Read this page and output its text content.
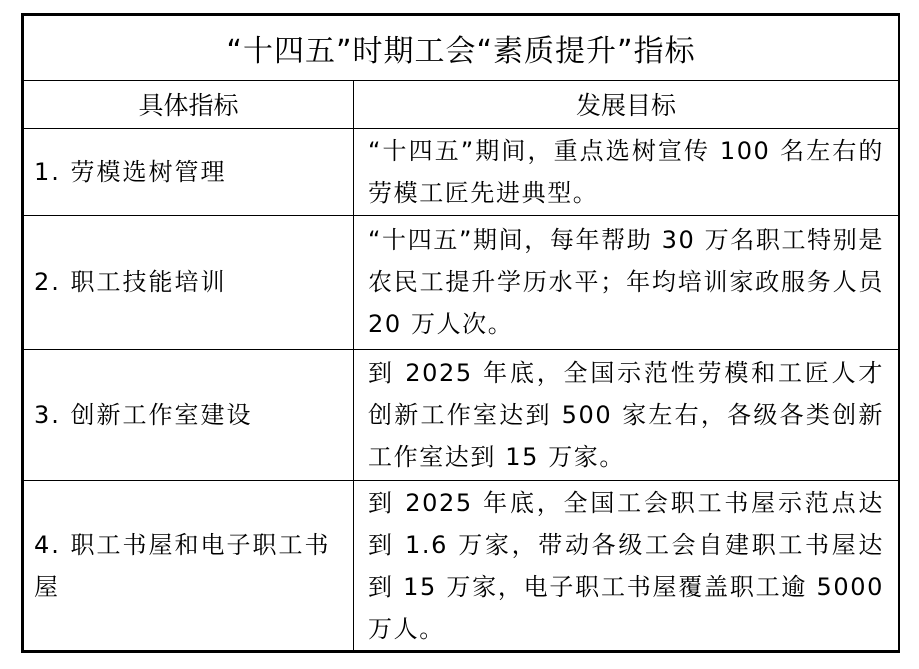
“十四五”时期工会“素质提升”指标	
具体指标	发展目标
1. 劳模选树管理	“十四五”期间，重点选树宣传 100 名左右的劳模工匠先进典型。
2. 职工技能培训	“十四五”期间，每年帮助 30 万名职工特别是农民工提升学历水平；年均培训家政服务人员 20 万人次。
3. 创新工作室建设	到 2025 年底，全国示范性劳模和工匠人才创新工作室达到 500 家左右，各级各类创新工作室达到 15 万家。
4. 职工书屋和电子职工书屋	到 2025 年底，全国工会职工书屋示范点达到 1.6 万家，带动各级工会自建职工书屋达到 15 万家，电子职工书屋覆盖职工逾 5000 万人。
